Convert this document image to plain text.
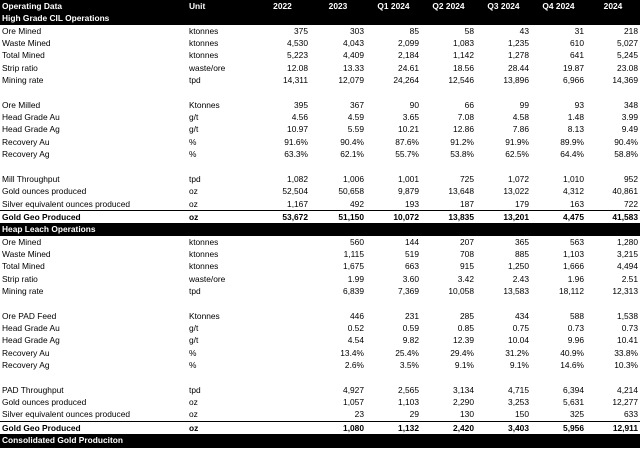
Operating Data	Unit	2022	2023	Q1 2024	Q2 2024	Q3 2024	Q4 2024	2024
High Grade CIL Operations								
Ore Mined	ktonnes	375	303	85	58	43	31	218
Waste Mined	ktonnes	4,530	4,043	2,099	1,083	1,235	610	5,027
Total Mined	ktonnes	5,223	4,409	2,184	1,142	1,278	641	5,245
Strip ratio	waste/ore	12.08	13.33	24.61	18.56	28.44	19.87	23.08
Mining rate	tpd	14,311	12,079	24,264	12,546	13,896	6,966	14,369

Ore Milled	Ktonnes	395	367	90	66	99	93	348
Head Grade Au	g/t	4.56	4.59	3.65	7.08	4.58	1.48	3.99
Head Grade Ag	g/t	10.97	5.59	10.21	12.86	7.86	8.13	9.49
Recovery Au	%	91.6%	90.4%	87.6%	91.2%	91.9%	89.9%	90.4%
Recovery Ag	%	63.3%	62.1%	55.7%	53.8%	62.5%	64.4%	58.8%

Mill Throughput	tpd	1,082	1,006	1,001	725	1,072	1,010	952
Gold ounces produced	oz	52,504	50,658	9,879	13,648	13,022	4,312	40,861
Silver equivalent ounces produced	oz	1,167	492	193	187	179	163	722
Gold Geo Produced	oz	53,672	51,150	10,072	13,835	13,201	4,475	41,583
Heap Leach Operations								
Ore Mined	ktonnes		560	144	207	365	563	1,280
Waste Mined	ktonnes		1,115	519	708	885	1,103	3,215
Total Mined	ktonnes		1,675	663	915	1,250	1,666	4,494
Strip ratio	waste/ore		1.99	3.60	3.42	2.43	1.96	2.51
Mining rate	tpd		6,839	7,369	10,058	13,583	18,112	12,313

Ore PAD Feed	Ktonnes		446	231	285	434	588	1,538
Head Grade Au	g/t		0.52	0.59	0.85	0.75	0.73	0.73
Head Grade Ag	g/t		4.54	9.82	12.39	10.04	9.96	10.41
Recovery Au	%		13.4%	25.4%	29.4%	31.2%	40.9%	33.8%
Recovery Ag	%		2.6%	3.5%	9.1%	9.1%	14.6%	10.3%

PAD Throughput	tpd		4,927	2,565	3,134	4,715	6,394	4,214
Gold ounces produced	oz		1,057	1,103	2,290	3,253	5,631	12,277
Silver equivalent ounces produced	oz		23	29	130	150	325	633
Gold Geo Produced	oz		1,080	1,132	2,420	3,403	5,956	12,911
Consolidated Gold Produciton								
